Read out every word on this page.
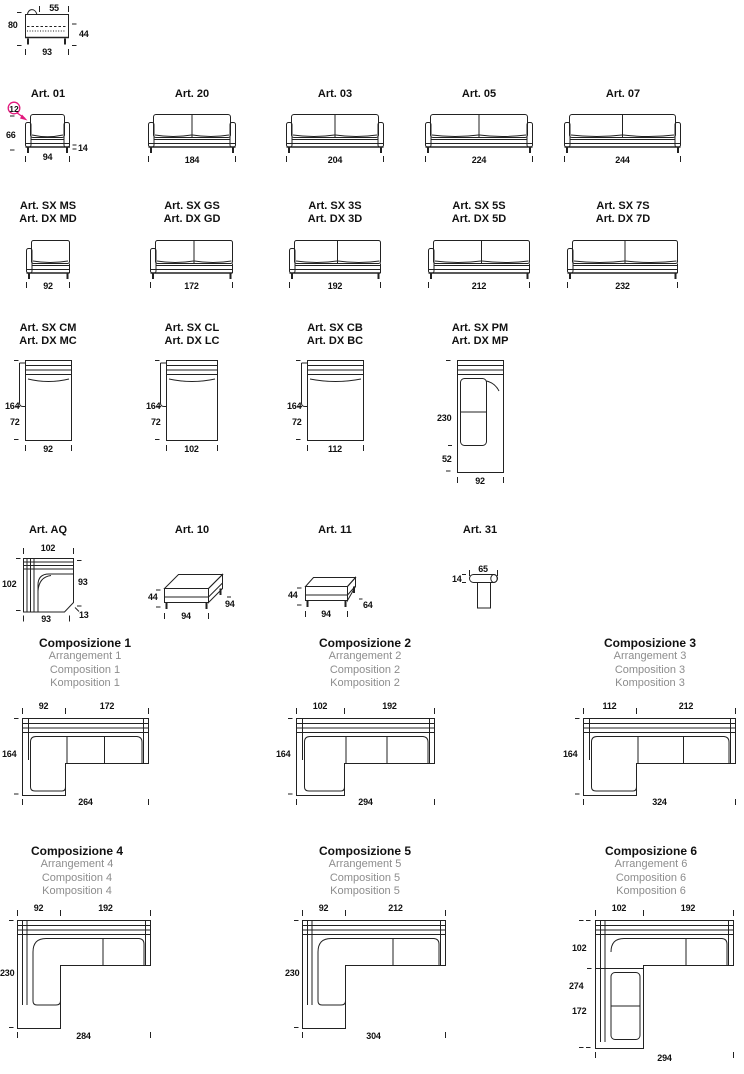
55
80
44
93
Art. 01	Art. 20	Art. 03	Art. 05	Art. 07
12
66
94
14
184	204	224	244
Art. SX MS
Art. DX MD
Art. SX GS
Art. DX GD
Art. SX 3S
Art. DX 3D
Art. SX 5S
Art. DX 5D
Art. SX 7S
Art. DX 7D
92	172	192	212	232
Art. SX CM
Art. DX MC
Art. SX CL
Art. DX LC
Art. SX CB
Art. DX BC
Art. SX PM
Art. DX MP
164
72
92
164
72
102
164
72
112
230
52
92
Art. AQ	Art. 10	Art. 11	Art. 31
102
102	93
93	13
44
94
94
44
94
64
65
14
Composizione 1
Arrangement 1
Composition 1
Komposition 1
Composizione 2
Arrangement 2
Composition 2
Komposition 2
Composizione 3
Arrangement 3
Composition 3
Komposition 3
92	172
164
264
102	192
164
294
112	212
164
324
Composizione 4
Arrangement 4
Composition 4
Komposition 4
Composizione 5
Arrangement 5
Composition 5
Komposition 5
Composizione 6
Arrangement 6
Composition 6
Komposition 6
92	192
230
284
92	212
230
304
102	192
102
274
172
294
